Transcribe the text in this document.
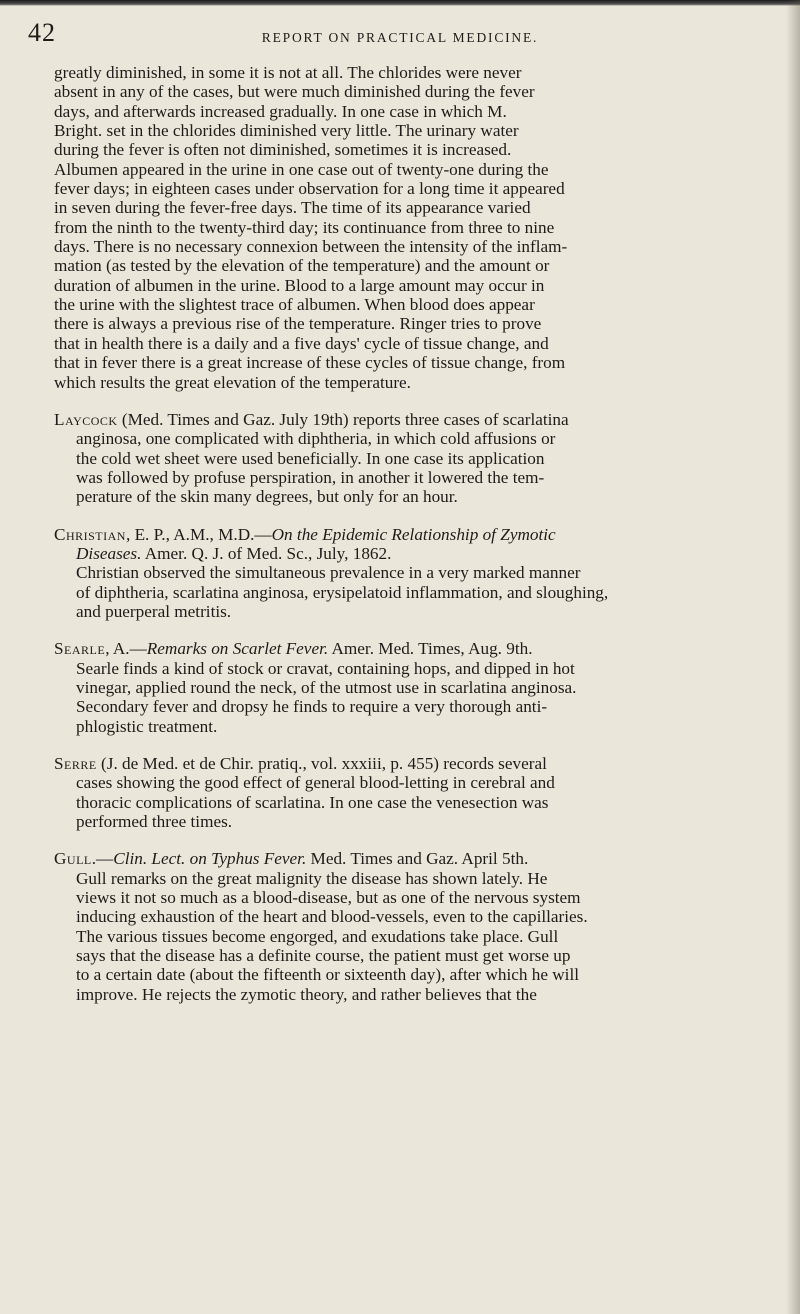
42	REPORT ON PRACTICAL MEDICINE.
greatly diminished, in some it is not at all. The chlorides were never
absent in any of the cases, but were much diminished during the fever
days, and afterwards increased gradually. In one case in which M.
Bright. set in the chlorides diminished very little. The urinary water
during the fever is often not diminished, sometimes it is increased.
Albumen appeared in the urine in one case out of twenty-one during the
fever days; in eighteen cases under observation for a long time it appeared
in seven during the fever-free days. The time of its appearance varied
from the ninth to the twenty-third day; its continuance from three to nine
days. There is no necessary connexion between the intensity of the inflam-
mation (as tested by the elevation of the temperature) and the amount or
duration of albumen in the urine. Blood to a large amount may occur in
the urine with the slightest trace of albumen. When blood does appear
there is always a previous rise of the temperature. Ringer tries to prove
that in health there is a daily and a five days' cycle of tissue change, and
that in fever there is a great increase of these cycles of tissue change, from
which results the great elevation of the temperature.
Laycock (Med. Times and Gaz. July 19th) reports three cases of scarlatina
anginosa, one complicated with diphtheria, in which cold affusions or
the cold wet sheet were used beneficially. In one case its application
was followed by profuse perspiration, in another it lowered the tem-
perature of the skin many degrees, but only for an hour.
Christian, E. P., A.M., M.D.—On the Epidemic Relationship of Zymotic
Diseases. Amer. Q. J. of Med. Sc., July, 1862.
Christian observed the simultaneous prevalence in a very marked manner
of diphtheria, scarlatina anginosa, erysipelatoid inflammation, and sloughing,
and puerperal metritis.
Searle, A.—Remarks on Scarlet Fever. Amer. Med. Times, Aug. 9th.
Searle finds a kind of stock or cravat, containing hops, and dipped in hot
vinegar, applied round the neck, of the utmost use in scarlatina anginosa.
Secondary fever and dropsy he finds to require a very thorough anti-
phlogistic treatment.
Serre (J. de Med. et de Chir. pratiq., vol. xxxiii, p. 455) records several
cases showing the good effect of general blood-letting in cerebral and
thoracic complications of scarlatina. In one case the venesection was
performed three times.
Gull.—Clin. Lect. on Typhus Fever. Med. Times and Gaz. April 5th.
Gull remarks on the great malignity the disease has shown lately. He
views it not so much as a blood-disease, but as one of the nervous system
inducing exhaustion of the heart and blood-vessels, even to the capillaries.
The various tissues become engorged, and exudations take place. Gull
says that the disease has a definite course, the patient must get worse up
to a certain date (about the fifteenth or sixteenth day), after which he will
improve. He rejects the zymotic theory, and rather believes that the
